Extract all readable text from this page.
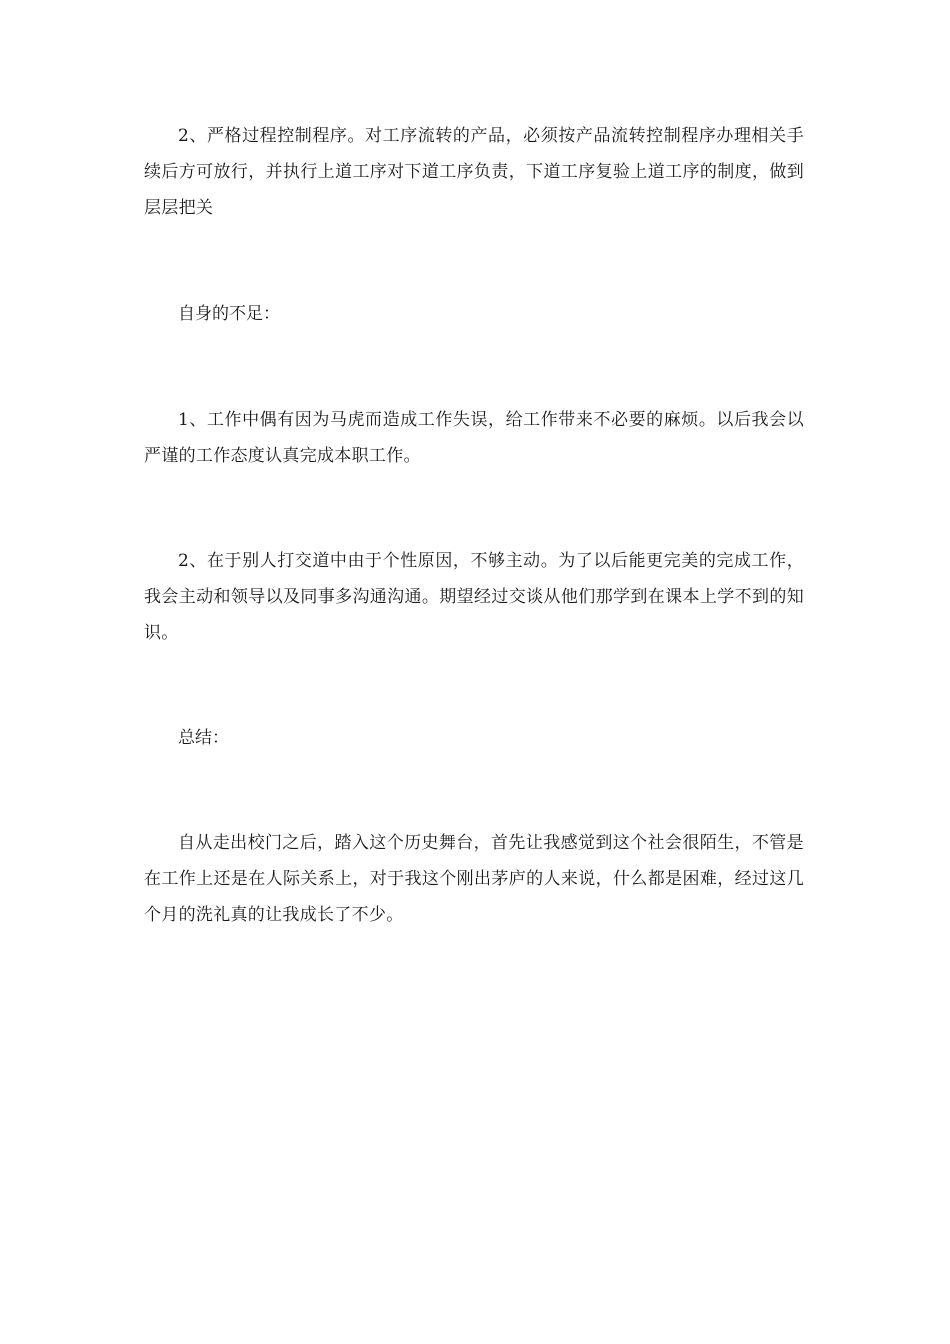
2、严格过程控制程序。对工序流转的产品，必须按产品流转控制程序办理相关手续后方可放行，并执行上道工序对下道工序负责，下道工序复验上道工序的制度，做到层层把关

自身的不足：

1、工作中偶有因为马虎而造成工作失误，给工作带来不必要的麻烦。以后我会以严谨的工作态度认真完成本职工作。

2、在于别人打交道中由于个性原因，不够主动。为了以后能更完美的完成工作，我会主动和领导以及同事多沟通沟通。期望经过交谈从他们那学到在课本上学不到的知识。

总结：

自从走出校门之后，踏入这个历史舞台，首先让我感觉到这个社会很陌生，不管是在工作上还是在人际关系上，对于我这个刚出茅庐的人来说，什么都是困难，经过这几个月的洗礼真的让我成长了不少。
